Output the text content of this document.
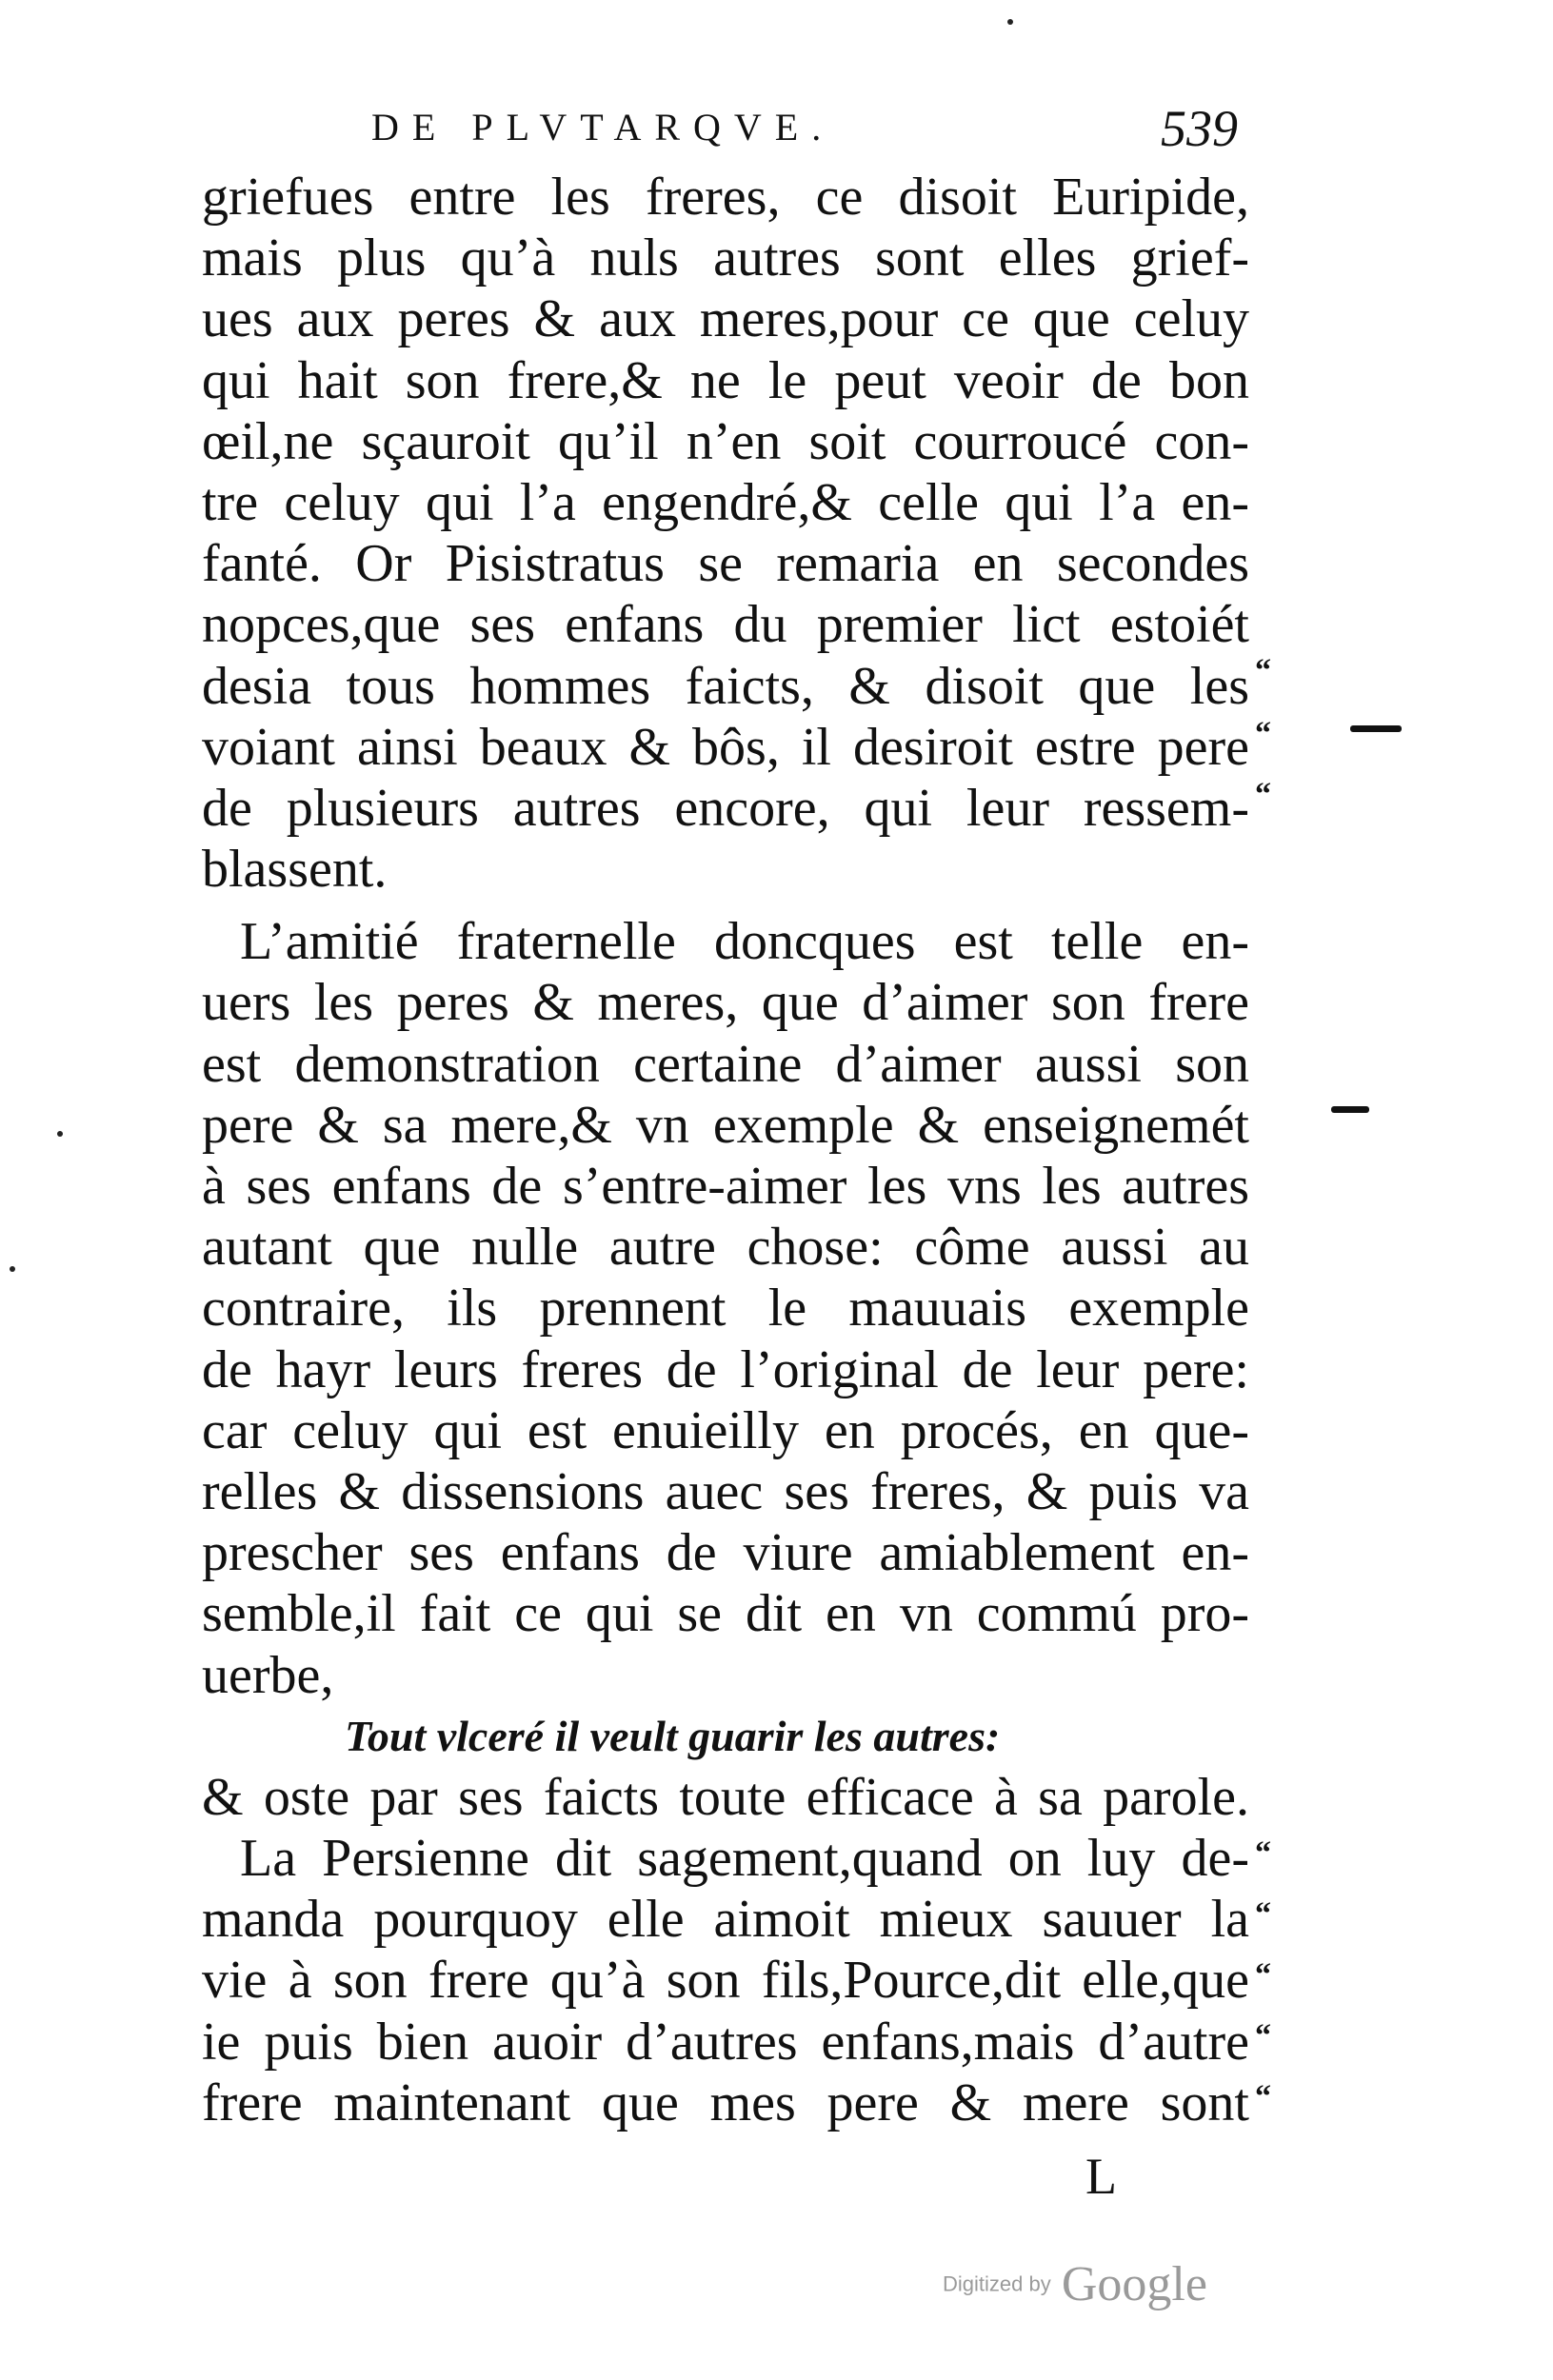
DE PLVTARQVE.	539
griefues entre les freres, ce disoit Euripide,
mais plus qu’à nuls autres sont elles grief-
ues aux peres & aux meres,pour ce que celuy
qui hait son frere,& ne le peut veoir de bon
œil,ne sçauroit qu’il n’en soit courroucé con-
tre celuy qui l’a engendré,& celle qui l’a en-
fanté. Or Pisistratus se remaria en secondes
nopces,que ses enfans du premier lict estoiét
desia tous hommes faicts, & disoit que les
voiant ainsi beaux & bôs, il desiroit estre pere
de plusieurs autres encore, qui leur ressem-
blassent.
L’amitié fraternelle doncques est telle en-
uers les peres & meres, que d’aimer son frere
est demonstration certaine d’aimer aussi son
pere & sa mere,& vn exemple & enseignemét
à ses enfans de s’entre-aimer les vns les autres
autant que nulle autre chose: côme aussi au
contraire, ils prennent le mauuais exemple
de hayr leurs freres de l’original de leur pere:
car celuy qui est enuieilly en procés, en que-
relles & dissensions auec ses freres, & puis va
prescher ses enfans de viure amiablement en-
semble,il fait ce qui se dit en vn commú pro-
uerbe,
Tout vlceré il veult guarir les autres:
& oste par ses faicts toute efficace à sa parole.
La Persienne dit sagement,quand on luy de-
manda pourquoy elle aimoit mieux sauuer la
vie à son frere qu’à son fils,Pource,dit elle,que
ie puis bien auoir d’autres enfans,mais d’autre
frere maintenant que mes pere & mere sont
“
“
“
“
“
“
“
“
L
Digitized by Google
